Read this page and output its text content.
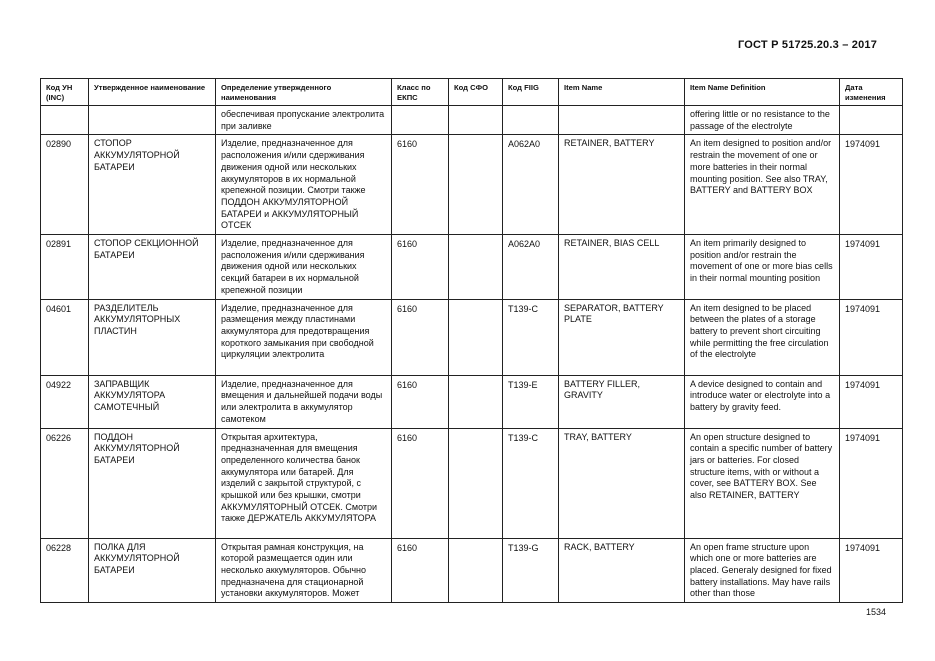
ГОСТ Р 51725.20.3 – 2017
Код УН (INC)	Утвержденное наименование	Определение утвержденного наименования	Класс по ЕКПС	Код СФО	Код FIIG	Item Name	Item Name Definition	Дата изменения
		обеспечивая пропускание электролита при заливке					offering little or no resistance to the passage of the electrolyte	
02890	СТОПОР АККУМУЛЯТОРНОЙ БАТАРЕИ	Изделие, предназначенное для расположения и/или сдерживания движения одной или нескольких аккумуляторов в их нормальной крепежной позиции. Смотри также ПОДДОН АККУМУЛЯТОРНОЙ БАТАРЕИ и АККУМУЛЯТОРНЫЙ ОТСЕК	6160		A062A0	RETAINER, BATTERY	An item designed to position and/or restrain the movement of one or more batteries in their normal mounting position. See also TRAY, BATTERY and BATTERY BOX	1974091
02891	СТОПОР СЕКЦИОННОЙ БАТАРЕИ	Изделие, предназначенное для расположения и/или сдерживания движения одной или нескольких секций батареи в их нормальной крепежной позиции	6160		A062A0	RETAINER, BIAS CELL	An item primarily designed to position and/or restrain the movement of one or more bias cells in their normal mounting position	1974091
04601	РАЗДЕЛИТЕЛЬ АККУМУЛЯТОРНЫХ ПЛАСТИН	Изделие, предназначенное для размещения между пластинами аккумулятора для предотвращения короткого замыкания при свободной циркуляции электролита	6160		T139-C	SEPARATOR, BATTERY PLATE	An item designed to be placed between the plates of a storage battery to prevent short circuiting while permitting the free circulation of the electrolyte	1974091
04922	ЗАПРАВЩИК АККУМУЛЯТОРА САМОТЕЧНЫЙ	Изделие, предназначенное для вмещения и дальнейшей подачи воды или электролита в аккумулятор самотеком	6160		T139-E	BATTERY FILLER, GRAVITY	A device designed to contain and introduce water or electrolyte into a battery by gravity feed.	1974091
06226	ПОДДОН АККУМУЛЯТОРНОЙ БАТАРЕИ	Открытая архитектура, предназначенная для вмещения определенного количества банок аккумулятора или батарей. Для изделий с закрытой структурой, с крышкой или без крышки, смотри АККУМУЛЯТОРНЫЙ ОТСЕК. Смотри также ДЕРЖАТЕЛЬ АККУМУЛЯТОРА	6160		T139-C	TRAY, BATTERY	An open structure designed to contain a specific number of battery jars or batteries. For closed structure items, with or without a cover, see BATTERY BOX. See also RETAINER, BATTERY	1974091
06228	ПОЛКА ДЛЯ АККУМУЛЯТОРНОЙ БАТАРЕИ	Открытая рамная конструкция, на которой размещается один или несколько аккумуляторов. Обычно предназначена для стационарной установки аккумуляторов. Может	6160		T139-G	RACK, BATTERY	An open frame structure upon which one or more batteries are placed. Generaly designed for fixed battery installations. May have rails other than those	1974091
1534
